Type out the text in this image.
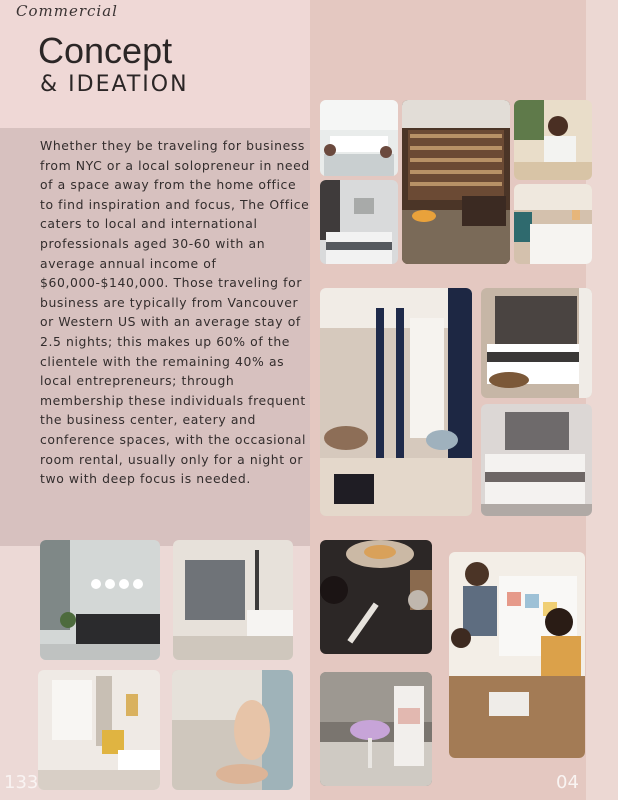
Commercial
Concept
& IDEATION

Whether they be traveling for business from NYC or a local solopreneur in need of a space away from the home office to find inspiration and focus, The Office caters to local and international professionals aged 30-60 with an average annual income of $60,000-$140,000. Those traveling for business are typically from Vancouver or Western US with an average stay of 2.5 nights; this makes up 60% of the clientele with the remaining 40% as local entrepreneurs; through membership these individuals frequent the business center, eatery and conference spaces, with the occasional room rental, usually only for a night or two with deep focus is needed.

133	04
